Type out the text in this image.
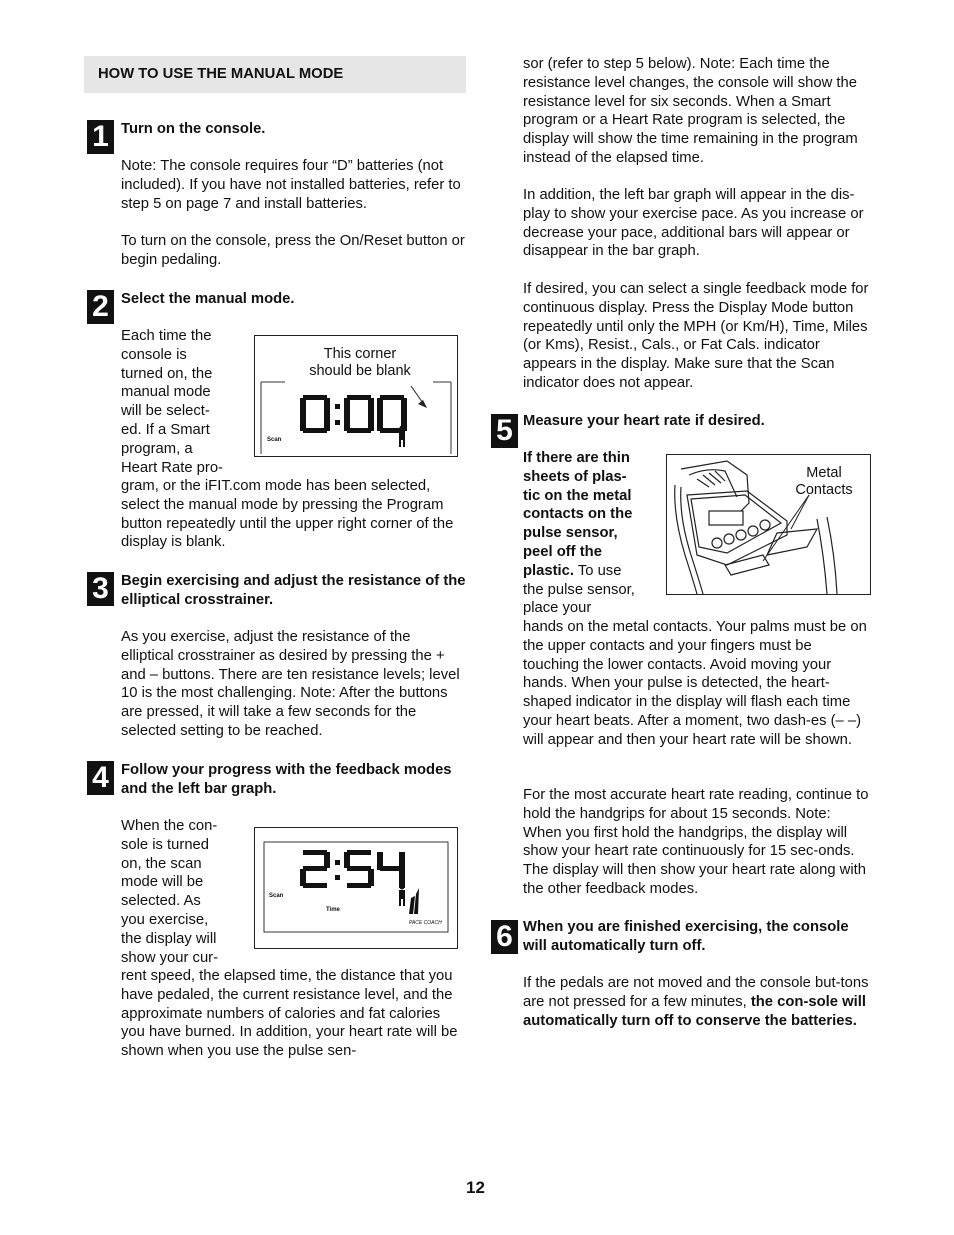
HOW TO USE THE MANUAL MODE
1 Turn on the console.

Note: The console requires four “D” batteries (not included). If you have not installed batteries, refer to step 5 on page 7 and install batteries.

To turn on the console, press the On/Reset button or begin pedaling.

2 Select the manual mode.

Each time the
console is
turned on, the
manual mode
will be select-
ed. If a Smart
program, a
Heart Rate pro-

gram, or the iFIT.com mode has been selected, select the manual mode by pressing the Program button repeatedly until the upper right corner of the display is blank.

This corner
should be blank
Scan
3 Begin exercising and adjust the resistance of the elliptical crosstrainer.

As you exercise, adjust the resistance of the elliptical crosstrainer as desired by pressing the + and – buttons. There are ten resistance levels; level 10 is the most challenging. Note: After the buttons are pressed, it will take a few seconds for the selected setting to be reached.

4 Follow your progress with the feedback modes and the left bar graph.

When the con-
sole is turned
on, the scan
mode will be
selected. As
you exercise,
the display will
show your cur-

rent speed, the elapsed time, the distance that you have pedaled, the current resistance level, and the approximate numbers of calories and fat calories you have burned. In addition, your heart rate will be shown when you use the pulse sen-

Scan
Time
PACE COACH

sor (refer to step 5 below). Note: Each time the resistance level changes, the console will show the resistance level for six seconds. When a Smart program or a Heart Rate program is selected, the display will show the time remaining in the program instead of the elapsed time.

In addition, the left bar graph will appear in the dis-play to show your exercise pace. As you increase or decrease your pace, additional bars will appear or disappear in the bar graph.

If desired, you can select a single feedback mode for continuous display. Press the Display Mode button repeatedly until only the MPH (or Km/H), Time, Miles (or Kms), Resist., Cals., or Fat Cals. indicator appears in the display. Make sure that the Scan indicator does not appear.

5 Measure your heart rate if desired.

If there are thin
sheets of plas-
tic on the metal
contacts on the
pulse sensor,
peel off the
plastic. To use
the pulse sensor,
place your

hands on the metal contacts. Your palms must be on the upper contacts and your fingers must be touching the lower contacts. Avoid moving your hands. When your pulse is detected, the heart-shaped indicator in the display will flash each time your heart beats. After a moment, two dash-es (– –) will appear and then your heart rate will be shown.

For the most accurate heart rate reading, continue to hold the handgrips for about 15 seconds. Note: When you first hold the handgrips, the display will show your heart rate continuously for 15 sec-onds. The display will then show your heart rate along with the other feedback modes.

Metal
Contacts
6 When you are finished exercising, the console will automatically turn off.

If the pedals are not moved and the console but-tons are not pressed for a few minutes, the con-sole will automatically turn off to conserve the batteries.

12
